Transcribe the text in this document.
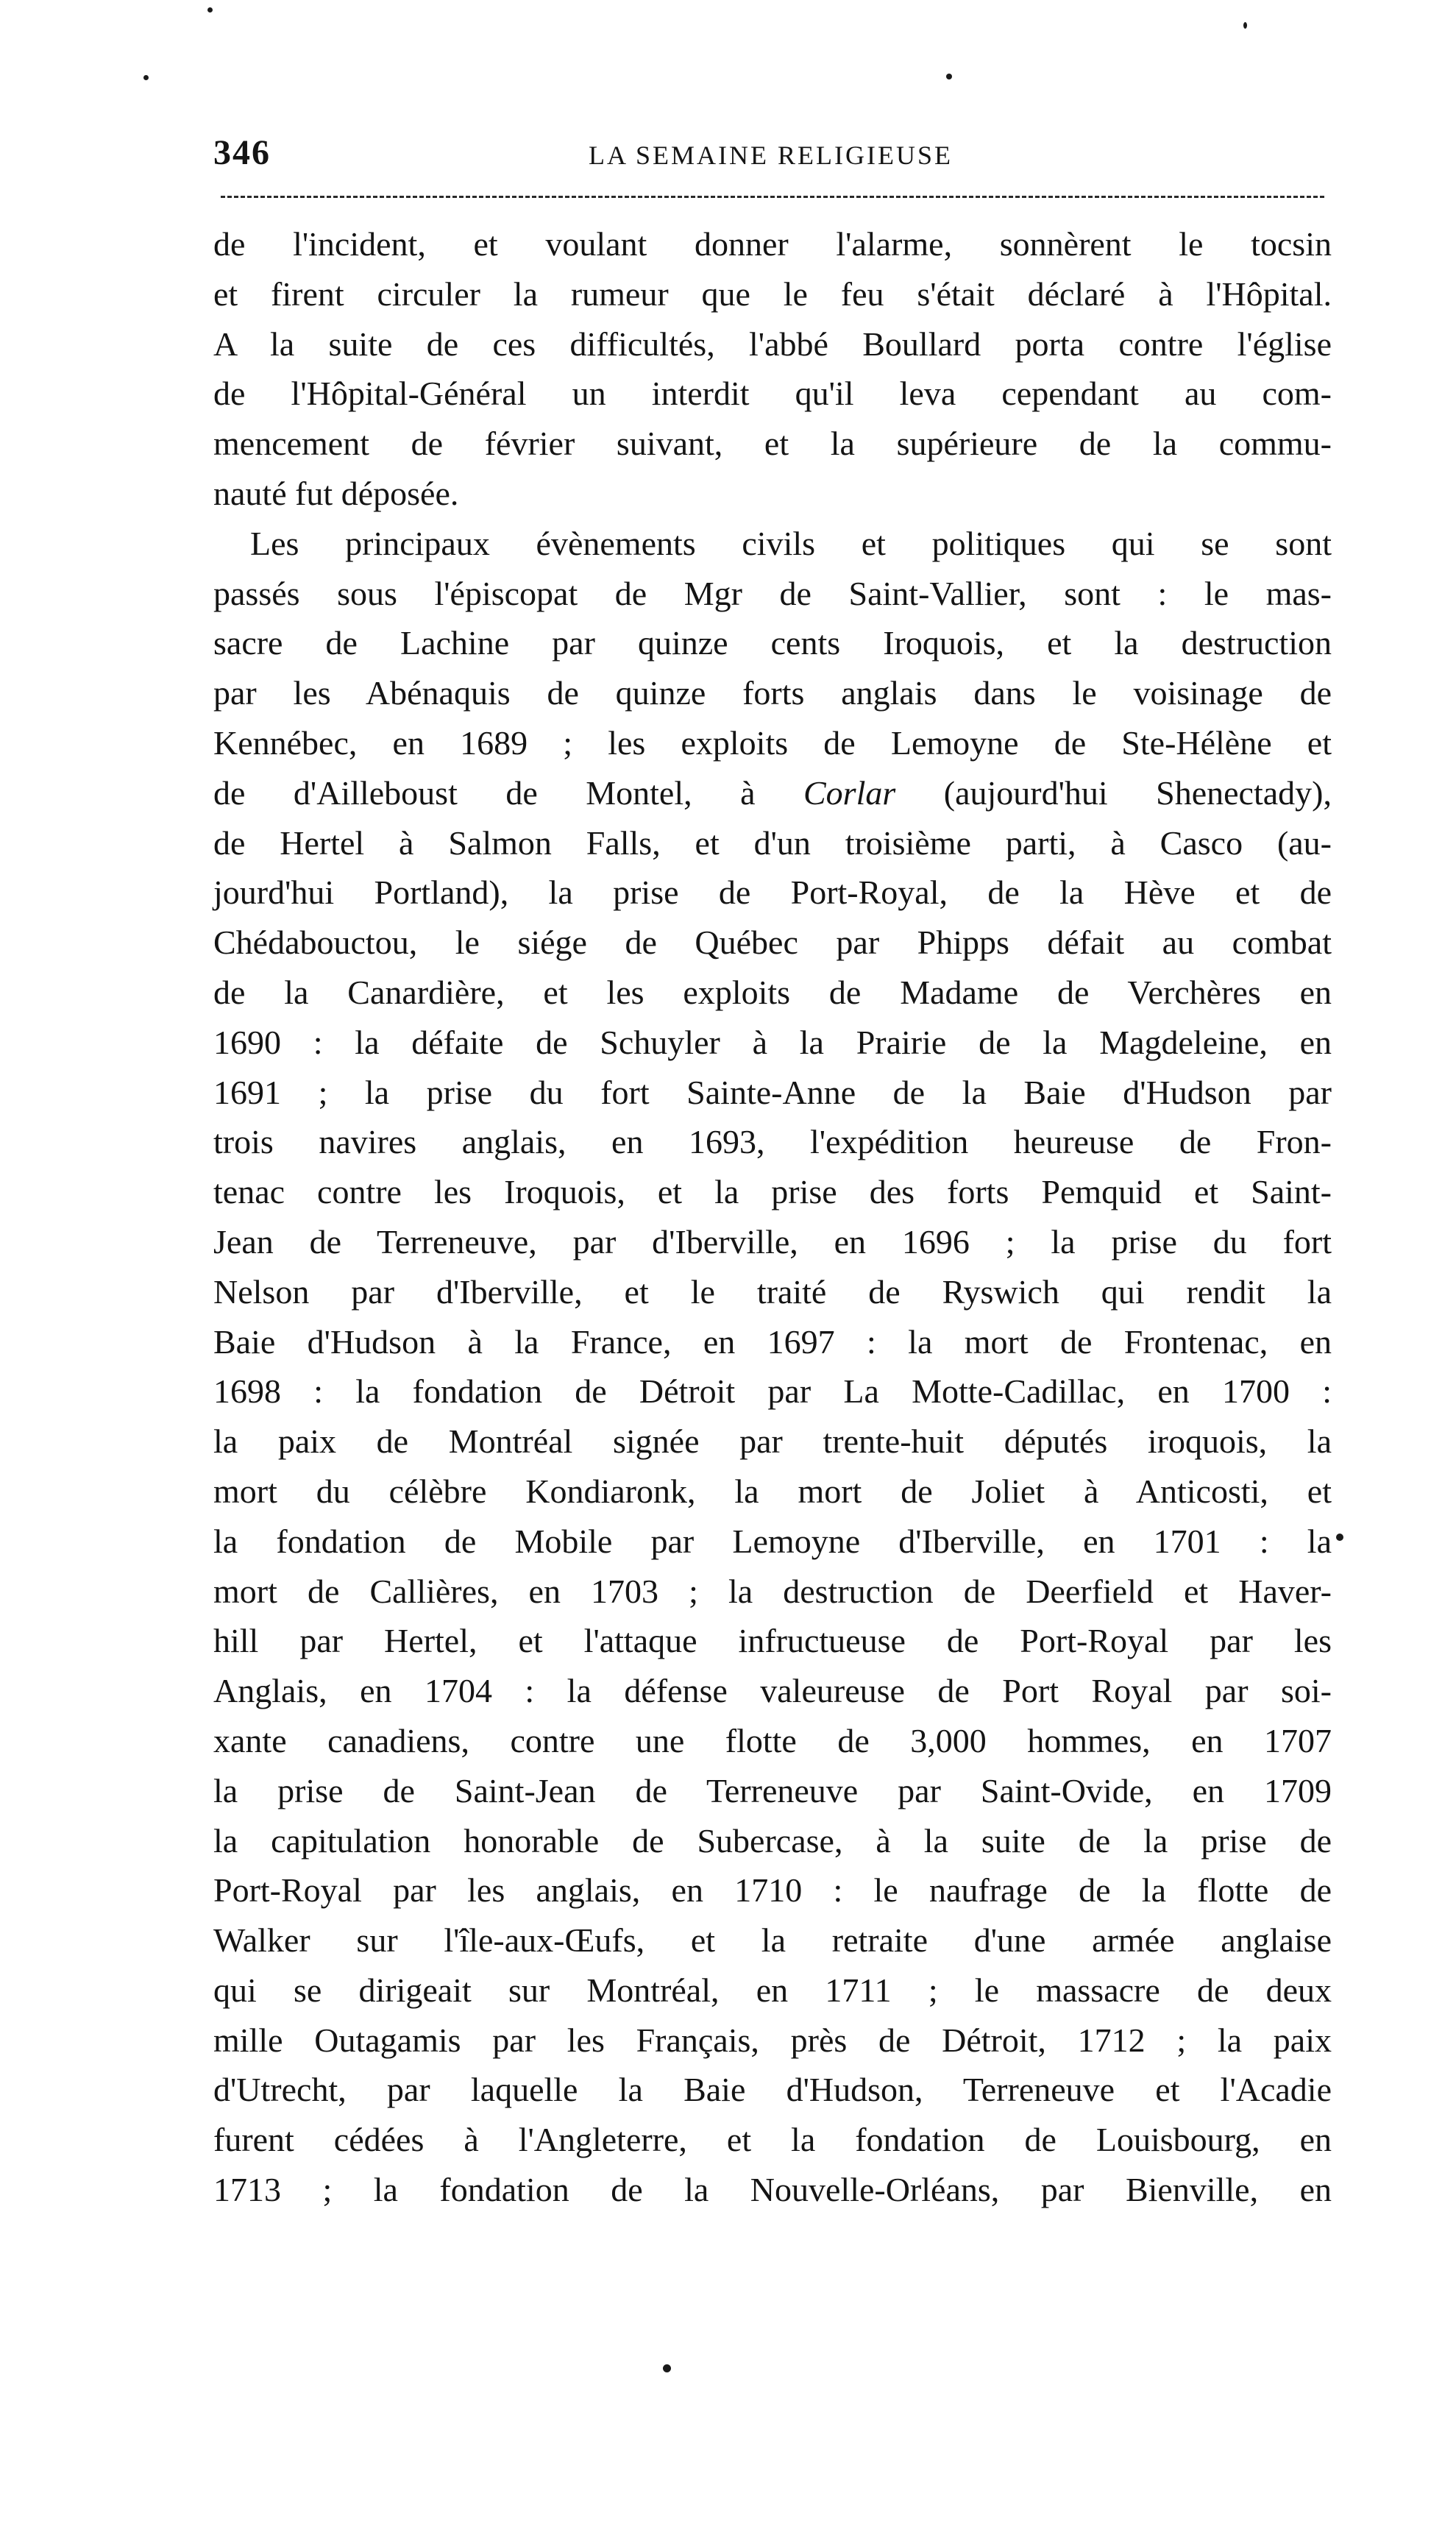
346	LA SEMAINE RELIGIEUSE
de l'incident, et voulant donner l'alarme, sonnèrent le tocsin
et firent circuler la rumeur que le feu s'était déclaré à l'Hôpital.
A la suite de ces difficultés, l'abbé Boullard porta contre l'église
de l'Hôpital-Général un interdit qu'il leva cependant au com-
mencement de février suivant, et la supérieure de la commu-
nauté fut déposée.
Les principaux évènements civils et politiques qui se sont
passés sous l'épiscopat de Mgr de Saint-Vallier, sont : le mas-
sacre de Lachine par quinze cents Iroquois, et la destruction
par les Abénaquis de quinze forts anglais dans le voisinage de
Kennébec, en 1689 ; les exploits de Lemoyne de Ste-Hélène et
de d'Ailleboust de Montel, à Corlar (aujourd'hui Shenectady),
de Hertel à Salmon Falls, et d'un troisième parti, à Casco (au-
jourd'hui Portland), la prise de Port-Royal, de la Hève et de
Chédabouctou, le siége de Québec par Phipps défait au combat
de la Canardière, et les exploits de Madame de Verchères en
1690 : la défaite de Schuyler à la Prairie de la Magdeleine, en
1691 ; la prise du fort Sainte-Anne de la Baie d'Hudson par
trois navires anglais, en 1693, l'expédition heureuse de Fron-
tenac contre les Iroquois, et la prise des forts Pemquid et Saint-
Jean de Terreneuve, par d'Iberville, en 1696 ; la prise du fort
Nelson par d'Iberville, et le traité de Ryswich qui rendit la
Baie d'Hudson à la France, en 1697 : la mort de Frontenac, en
1698 : la fondation de Détroit par La Motte-Cadillac, en 1700 :
la paix de Montréal signée par trente-huit députés iroquois, la
mort du célèbre Kondiaronk, la mort de Joliet à Anticosti, et
la fondation de Mobile par Lemoyne d'Iberville, en 1701 : la
mort de Callières, en 1703 ; la destruction de Deerfield et Haver-
hill par Hertel, et l'attaque infructueuse de Port-Royal par les
Anglais, en 1704 : la défense valeureuse de Port Royal par soi-
xante canadiens, contre une flotte de 3,000 hommes, en 1707
la prise de Saint-Jean de Terreneuve par Saint-Ovide, en 1709
la capitulation honorable de Subercase, à la suite de la prise de
Port-Royal par les anglais, en 1710 : le naufrage de la flotte de
Walker sur l'île-aux-Œufs, et la retraite d'une armée anglaise
qui se dirigeait sur Montréal, en 1711 ; le massacre de deux
mille Outagamis par les Français, près de Détroit, 1712 ; la paix
d'Utrecht, par laquelle la Baie d'Hudson, Terreneuve et l'Acadie
furent cédées à l'Angleterre, et la fondation de Louisbourg, en
1713 ; la fondation de la Nouvelle-Orléans, par Bienville, en
